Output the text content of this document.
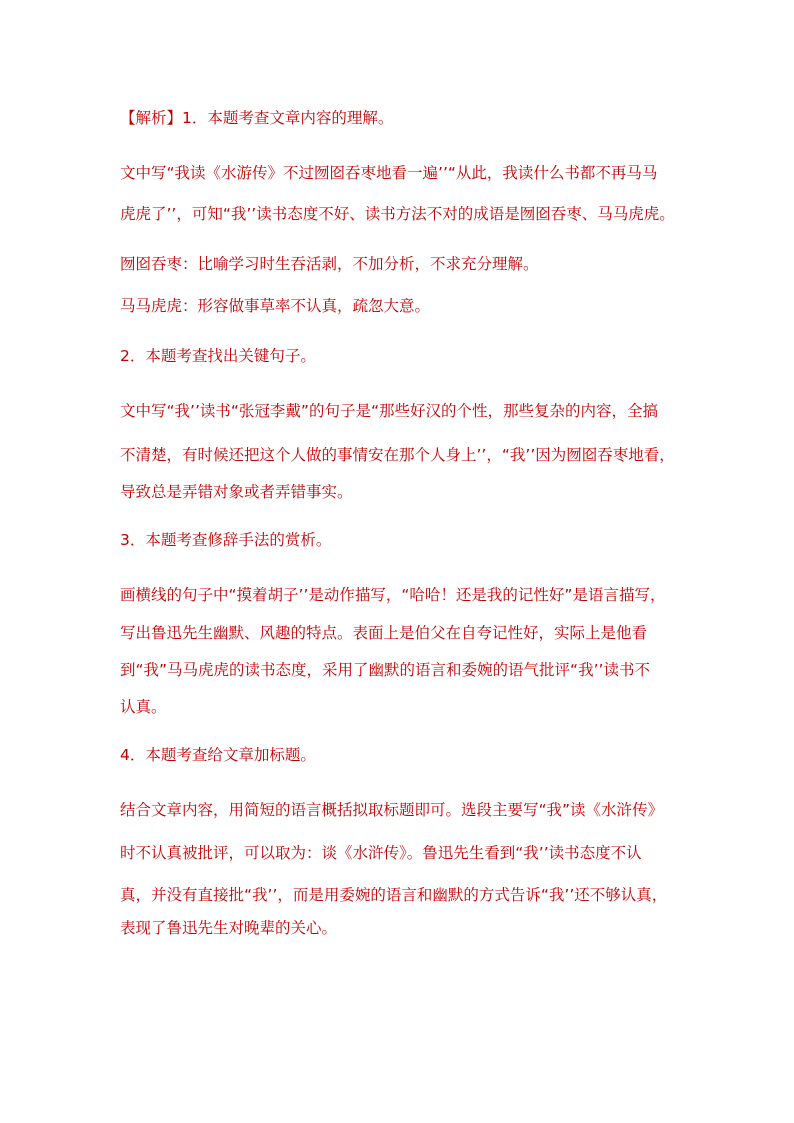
【解析】1．本题考查文章内容的理解。
文中写“我读《水游传》不过囫囵吞枣地看一遍’’“从此，我读什么书都不再马马
虎虎了’’，可知“我’’读书态度不好、读书方法不对的成语是囫囵吞枣、马马虎虎。
囫囵吞枣：比喻学习时生吞活剥，不加分析，不求充分理解。
马马虎虎：形容做事草率不认真，疏忽大意。
2．本题考查找出关键句子。
文中写“我’’读书“张冠李戴”的句子是“那些好汉的个性，那些复杂的内容，全搞
不清楚，有时候还把这个人做的事情安在那个人身上’’，“我’’因为囫囵吞枣地看，
导致总是弄错对象或者弄错事实。
3．本题考查修辞手法的赏析。
画横线的句子中“摸着胡子’’是动作描写，“哈哈！还是我的记性好”是语言描写，
写出鲁迅先生幽默、风趣的特点。表面上是伯父在自夸记性好，实际上是他看
到“我”马马虎虎的读书态度，采用了幽默的语言和委婉的语气批评“我’’读书不
认真。
4．本题考查给文章加标题。
结合文章内容，用简短的语言概括拟取标题即可。选段主要写“我”读《水浒传》
时不认真被批评，可以取为：谈《水浒传》。鲁迅先生看到“我’’读书态度不认
真，并没有直接批“我’’，而是用委婉的语言和幽默的方式告诉“我’’还不够认真，
表现了鲁迅先生对晚辈的关心。
